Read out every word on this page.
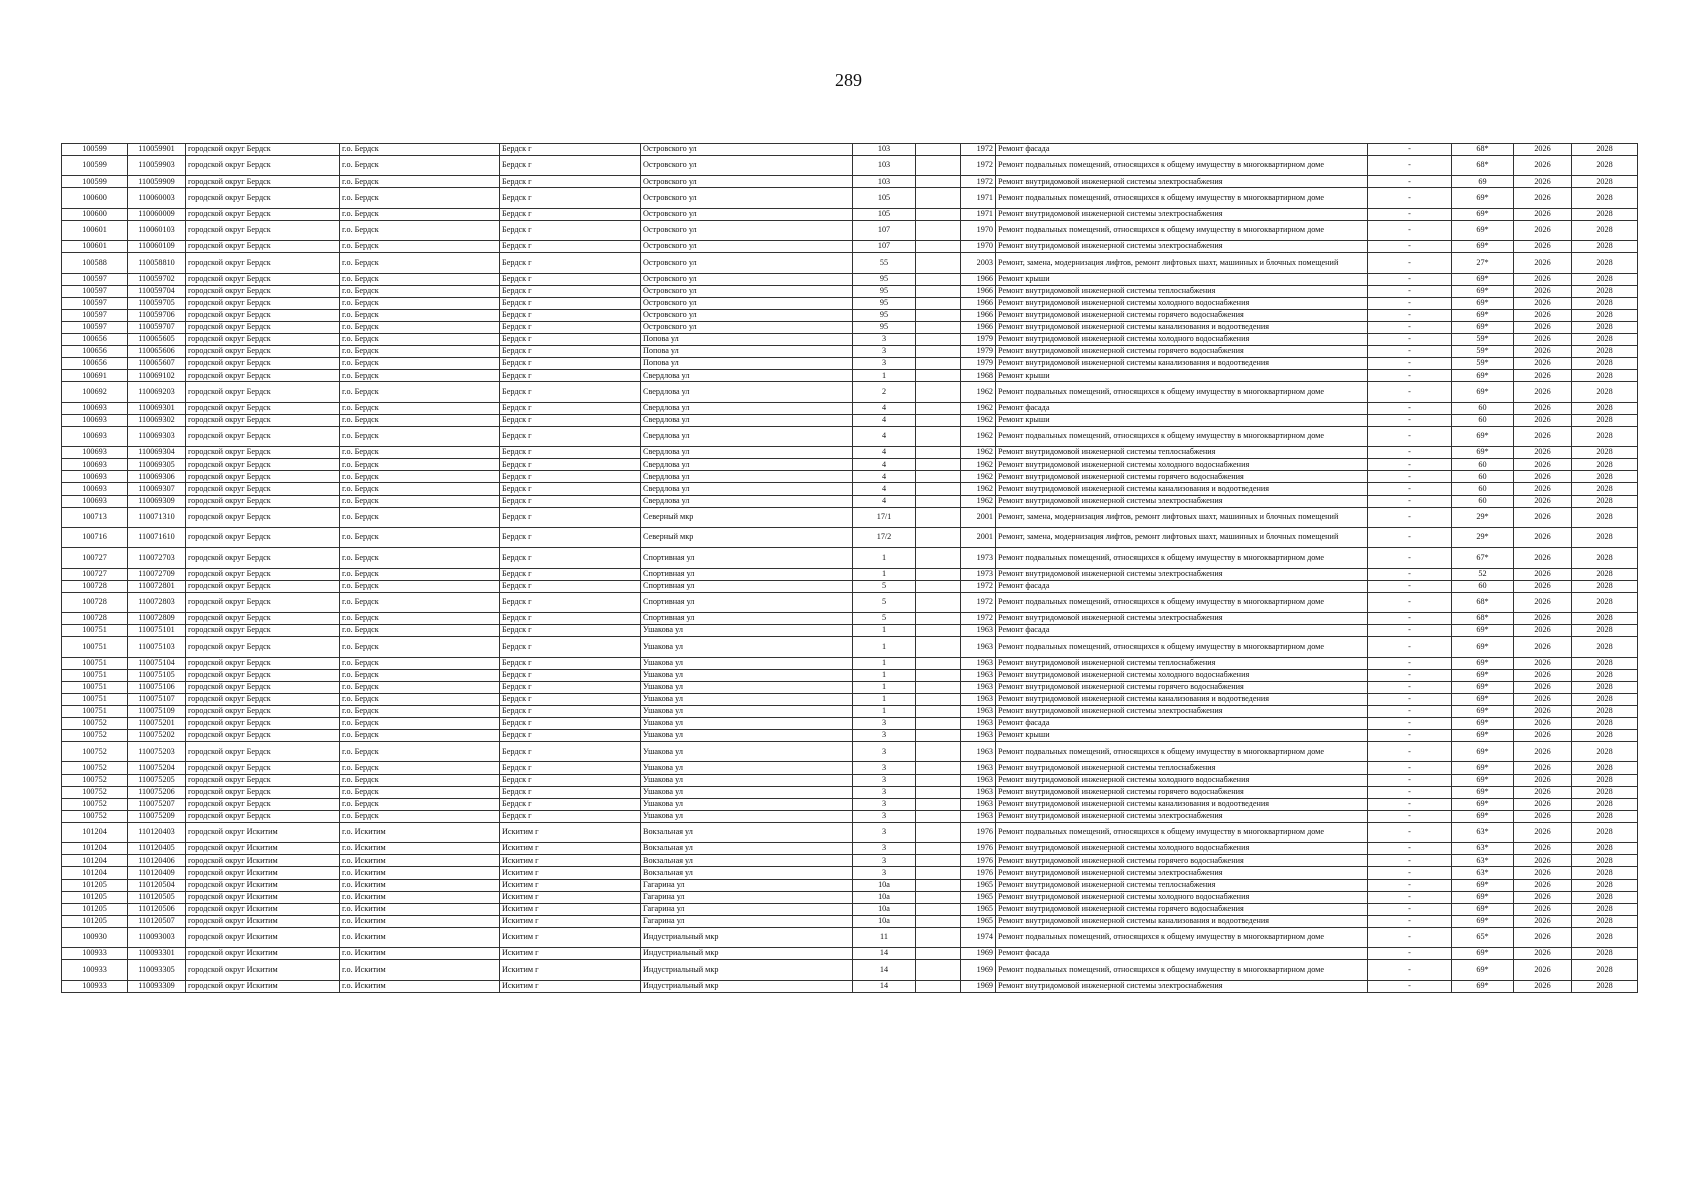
289
100599	110059901	городской округ Бердск	г.о. Бердск	Бердск г	Островского ул	103		1972	Ремонт фасада	-	68*	2026	2028
100599	110059903	городской округ Бердск	г.о. Бердск	Бердск г	Островского ул	103		1972	Ремонт подвальных помещений, относящихся к общему имуществу в многоквартирном доме	-	68*	2026	2028
100599	110059909	городской округ Бердск	г.о. Бердск	Бердск г	Островского ул	103		1972	Ремонт внутридомовой инженерной системы электроснабжения	-	69	2026	2028
100600	110060003	городской округ Бердск	г.о. Бердск	Бердск г	Островского ул	105		1971	Ремонт подвальных помещений, относящихся к общему имуществу в многоквартирном доме	-	69*	2026	2028
100600	110060009	городской округ Бердск	г.о. Бердск	Бердск г	Островского ул	105		1971	Ремонт внутридомовой инженерной системы электроснабжения	-	69*	2026	2028
100601	110060103	городской округ Бердск	г.о. Бердск	Бердск г	Островского ул	107		1970	Ремонт подвальных помещений, относящихся к общему имуществу в многоквартирном доме	-	69*	2026	2028
100601	110060109	городской округ Бердск	г.о. Бердск	Бердск г	Островского ул	107		1970	Ремонт внутридомовой инженерной системы электроснабжения	-	69*	2026	2028
100588	110058810	городской округ Бердск	г.о. Бердск	Бердск г	Островского ул	55		2003	Ремонт, замена, модернизация лифтов, ремонт лифтовых шахт, машинных и блочных помещений	-	27*	2026	2028
100597	110059702	городской округ Бердск	г.о. Бердск	Бердск г	Островского ул	95		1966	Ремонт крыши	-	69*	2026	2028
100597	110059704	городской округ Бердск	г.о. Бердск	Бердск г	Островского ул	95		1966	Ремонт внутридомовой инженерной системы теплоснабжения	-	69*	2026	2028
100597	110059705	городской округ Бердск	г.о. Бердск	Бердск г	Островского ул	95		1966	Ремонт внутридомовой инженерной системы холодного водоснабжения	-	69*	2026	2028
100597	110059706	городской округ Бердск	г.о. Бердск	Бердск г	Островского ул	95		1966	Ремонт внутридомовой инженерной системы горячего водоснабжения	-	69*	2026	2028
100597	110059707	городской округ Бердск	г.о. Бердск	Бердск г	Островского ул	95		1966	Ремонт внутридомовой инженерной системы канализования и водоотведения	-	69*	2026	2028
100656	110065605	городской округ Бердск	г.о. Бердск	Бердск г	Попова ул	3		1979	Ремонт внутридомовой инженерной системы холодного водоснабжения	-	59*	2026	2028
100656	110065606	городской округ Бердск	г.о. Бердск	Бердск г	Попова ул	3		1979	Ремонт внутридомовой инженерной системы горячего водоснабжения	-	59*	2026	2028
100656	110065607	городской округ Бердск	г.о. Бердск	Бердск г	Попова ул	3		1979	Ремонт внутридомовой инженерной системы канализования и водоотведения	-	59*	2026	2028
100691	110069102	городской округ Бердск	г.о. Бердск	Бердск г	Свердлова ул	1		1968	Ремонт крыши	-	69*	2026	2028
100692	110069203	городской округ Бердск	г.о. Бердск	Бердск г	Свердлова ул	2		1962	Ремонт подвальных помещений, относящихся к общему имуществу в многоквартирном доме	-	69*	2026	2028
100693	110069301	городской округ Бердск	г.о. Бердск	Бердск г	Свердлова ул	4		1962	Ремонт фасада	-	60	2026	2028
100693	110069302	городской округ Бердск	г.о. Бердск	Бердск г	Свердлова ул	4		1962	Ремонт крыши	-	60	2026	2028
100693	110069303	городской округ Бердск	г.о. Бердск	Бердск г	Свердлова ул	4		1962	Ремонт подвальных помещений, относящихся к общему имуществу в многоквартирном доме	-	69*	2026	2028
100693	110069304	городской округ Бердск	г.о. Бердск	Бердск г	Свердлова ул	4		1962	Ремонт внутридомовой инженерной системы теплоснабжения	-	69*	2026	2028
100693	110069305	городской округ Бердск	г.о. Бердск	Бердск г	Свердлова ул	4		1962	Ремонт внутридомовой инженерной системы холодного водоснабжения	-	60	2026	2028
100693	110069306	городской округ Бердск	г.о. Бердск	Бердск г	Свердлова ул	4		1962	Ремонт внутридомовой инженерной системы горячего водоснабжения	-	60	2026	2028
100693	110069307	городской округ Бердск	г.о. Бердск	Бердск г	Свердлова ул	4		1962	Ремонт внутридомовой инженерной системы канализования и водоотведения	-	60	2026	2028
100693	110069309	городской округ Бердск	г.о. Бердск	Бердск г	Свердлова ул	4		1962	Ремонт внутридомовой инженерной системы электроснабжения	-	60	2026	2028
100713	110071310	городской округ Бердск	г.о. Бердск	Бердск г	Северный мкр	17/1		2001	Ремонт, замена, модернизация лифтов, ремонт лифтовых шахт, машинных и блочных помещений	-	29*	2026	2028
100716	110071610	городской округ Бердск	г.о. Бердск	Бердск г	Северный мкр	17/2		2001	Ремонт, замена, модернизация лифтов, ремонт лифтовых шахт, машинных и блочных помещений	-	29*	2026	2028
100727	110072703	городской округ Бердск	г.о. Бердск	Бердск г	Спортивная ул	1		1973	Ремонт подвальных помещений, относящихся к общему имуществу в многоквартирном доме	-	67*	2026	2028
100727	110072709	городской округ Бердск	г.о. Бердск	Бердск г	Спортивная ул	1		1973	Ремонт внутридомовой инженерной системы электроснабжения	-	52	2026	2028
100728	110072801	городской округ Бердск	г.о. Бердск	Бердск г	Спортивная ул	5		1972	Ремонт фасада	-	60	2026	2028
100728	110072803	городской округ Бердск	г.о. Бердск	Бердск г	Спортивная ул	5		1972	Ремонт подвальных помещений, относящихся к общему имуществу в многоквартирном доме	-	68*	2026	2028
100728	110072809	городской округ Бердск	г.о. Бердск	Бердск г	Спортивная ул	5		1972	Ремонт внутридомовой инженерной системы электроснабжения	-	68*	2026	2028
100751	110075101	городской округ Бердск	г.о. Бердск	Бердск г	Ушакова ул	1		1963	Ремонт фасада	-	69*	2026	2028
100751	110075103	городской округ Бердск	г.о. Бердск	Бердск г	Ушакова ул	1		1963	Ремонт подвальных помещений, относящихся к общему имуществу в многоквартирном доме	-	69*	2026	2028
100751	110075104	городской округ Бердск	г.о. Бердск	Бердск г	Ушакова ул	1		1963	Ремонт внутридомовой инженерной системы теплоснабжения	-	69*	2026	2028
100751	110075105	городской округ Бердск	г.о. Бердск	Бердск г	Ушакова ул	1		1963	Ремонт внутридомовой инженерной системы холодного водоснабжения	-	69*	2026	2028
100751	110075106	городской округ Бердск	г.о. Бердск	Бердск г	Ушакова ул	1		1963	Ремонт внутридомовой инженерной системы горячего водоснабжения	-	69*	2026	2028
100751	110075107	городской округ Бердск	г.о. Бердск	Бердск г	Ушакова ул	1		1963	Ремонт внутридомовой инженерной системы канализования и водоотведения	-	69*	2026	2028
100751	110075109	городской округ Бердск	г.о. Бердск	Бердск г	Ушакова ул	1		1963	Ремонт внутридомовой инженерной системы электроснабжения	-	69*	2026	2028
100752	110075201	городской округ Бердск	г.о. Бердск	Бердск г	Ушакова ул	3		1963	Ремонт фасада	-	69*	2026	2028
100752	110075202	городской округ Бердск	г.о. Бердск	Бердск г	Ушакова ул	3		1963	Ремонт крыши	-	69*	2026	2028
100752	110075203	городской округ Бердск	г.о. Бердск	Бердск г	Ушакова ул	3		1963	Ремонт подвальных помещений, относящихся к общему имуществу в многоквартирном доме	-	69*	2026	2028
100752	110075204	городской округ Бердск	г.о. Бердск	Бердск г	Ушакова ул	3		1963	Ремонт внутридомовой инженерной системы теплоснабжения	-	69*	2026	2028
100752	110075205	городской округ Бердск	г.о. Бердск	Бердск г	Ушакова ул	3		1963	Ремонт внутридомовой инженерной системы холодного водоснабжения	-	69*	2026	2028
100752	110075206	городской округ Бердск	г.о. Бердск	Бердск г	Ушакова ул	3		1963	Ремонт внутридомовой инженерной системы горячего водоснабжения	-	69*	2026	2028
100752	110075207	городской округ Бердск	г.о. Бердск	Бердск г	Ушакова ул	3		1963	Ремонт внутридомовой инженерной системы канализования и водоотведения	-	69*	2026	2028
100752	110075209	городской округ Бердск	г.о. Бердск	Бердск г	Ушакова ул	3		1963	Ремонт внутридомовой инженерной системы электроснабжения	-	69*	2026	2028
101204	110120403	городской округ Искитим	г.о. Искитим	Искитим г	Вокзальная ул	3		1976	Ремонт подвальных помещений, относящихся к общему имуществу в многоквартирном доме	-	63*	2026	2028
101204	110120405	городской округ Искитим	г.о. Искитим	Искитим г	Вокзальная ул	3		1976	Ремонт внутридомовой инженерной системы холодного водоснабжения	-	63*	2026	2028
101204	110120406	городской округ Искитим	г.о. Искитим	Искитим г	Вокзальная ул	3		1976	Ремонт внутридомовой инженерной системы горячего водоснабжения	-	63*	2026	2028
101204	110120409	городской округ Искитим	г.о. Искитим	Искитим г	Вокзальная ул	3		1976	Ремонт внутридомовой инженерной системы электроснабжения	-	63*	2026	2028
101205	110120504	городской округ Искитим	г.о. Искитим	Искитим г	Гагарина ул	10а		1965	Ремонт внутридомовой инженерной системы теплоснабжения	-	69*	2026	2028
101205	110120505	городской округ Искитим	г.о. Искитим	Искитим г	Гагарина ул	10а		1965	Ремонт внутридомовой инженерной системы холодного водоснабжения	-	69*	2026	2028
101205	110120506	городской округ Искитим	г.о. Искитим	Искитим г	Гагарина ул	10а		1965	Ремонт внутридомовой инженерной системы горячего водоснабжения	-	69*	2026	2028
101205	110120507	городской округ Искитим	г.о. Искитим	Искитим г	Гагарина ул	10а		1965	Ремонт внутридомовой инженерной системы канализования и водоотведения	-	69*	2026	2028
100930	110093003	городской округ Искитим	г.о. Искитим	Искитим г	Индустриальный мкр	11		1974	Ремонт подвальных помещений, относящихся к общему имуществу в многоквартирном доме	-	65*	2026	2028
100933	110093301	городской округ Искитим	г.о. Искитим	Искитим г	Индустриальный мкр	14		1969	Ремонт фасада	-	69*	2026	2028
100933	110093305	городской округ Искитим	г.о. Искитим	Искитим г	Индустриальный мкр	14		1969	Ремонт подвальных помещений, относящихся к общему имуществу в многоквартирном доме	-	69*	2026	2028
100933	110093309	городской округ Искитим	г.о. Искитим	Искитим г	Индустриальный мкр	14		1969	Ремонт внутридомовой инженерной системы электроснабжения	-	69*	2026	2028
